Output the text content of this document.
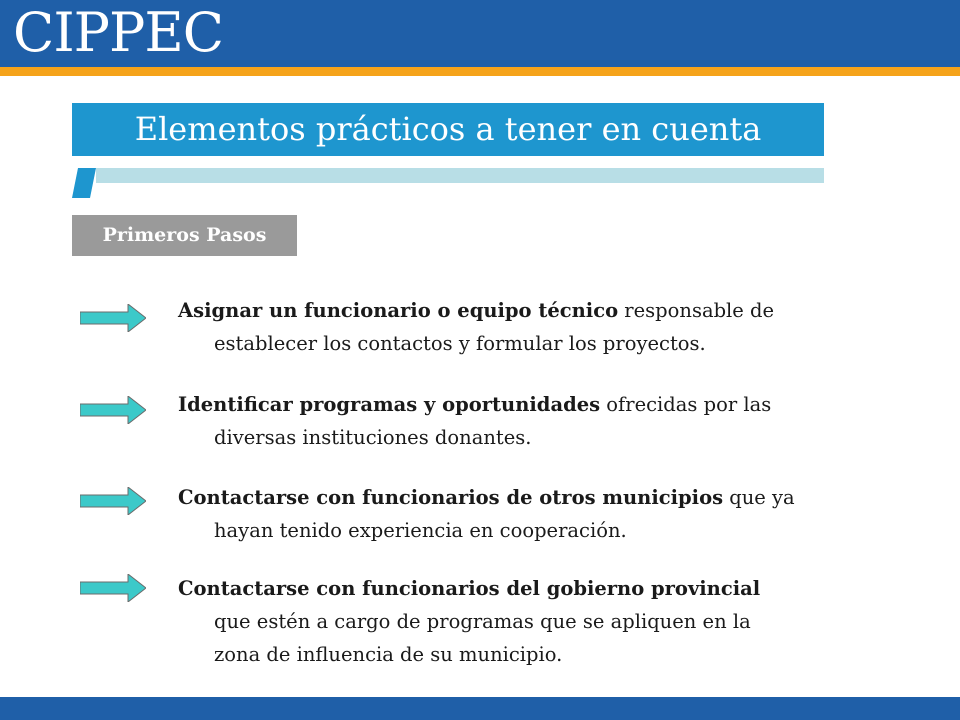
CIPPEC
Elementos prácticos a tener en cuenta
Primeros Pasos
Asignar un funcionario o equipo técnico responsable de
establecer los contactos y formular los proyectos.
Identificar programas y oportunidades ofrecidas por las
diversas instituciones donantes.
Contactarse con funcionarios de otros municipios que ya
hayan tenido experiencia en cooperación.
Contactarse con funcionarios del gobierno provincial
que estén a cargo de programas que se apliquen en la
zona de influencia de su municipio.
